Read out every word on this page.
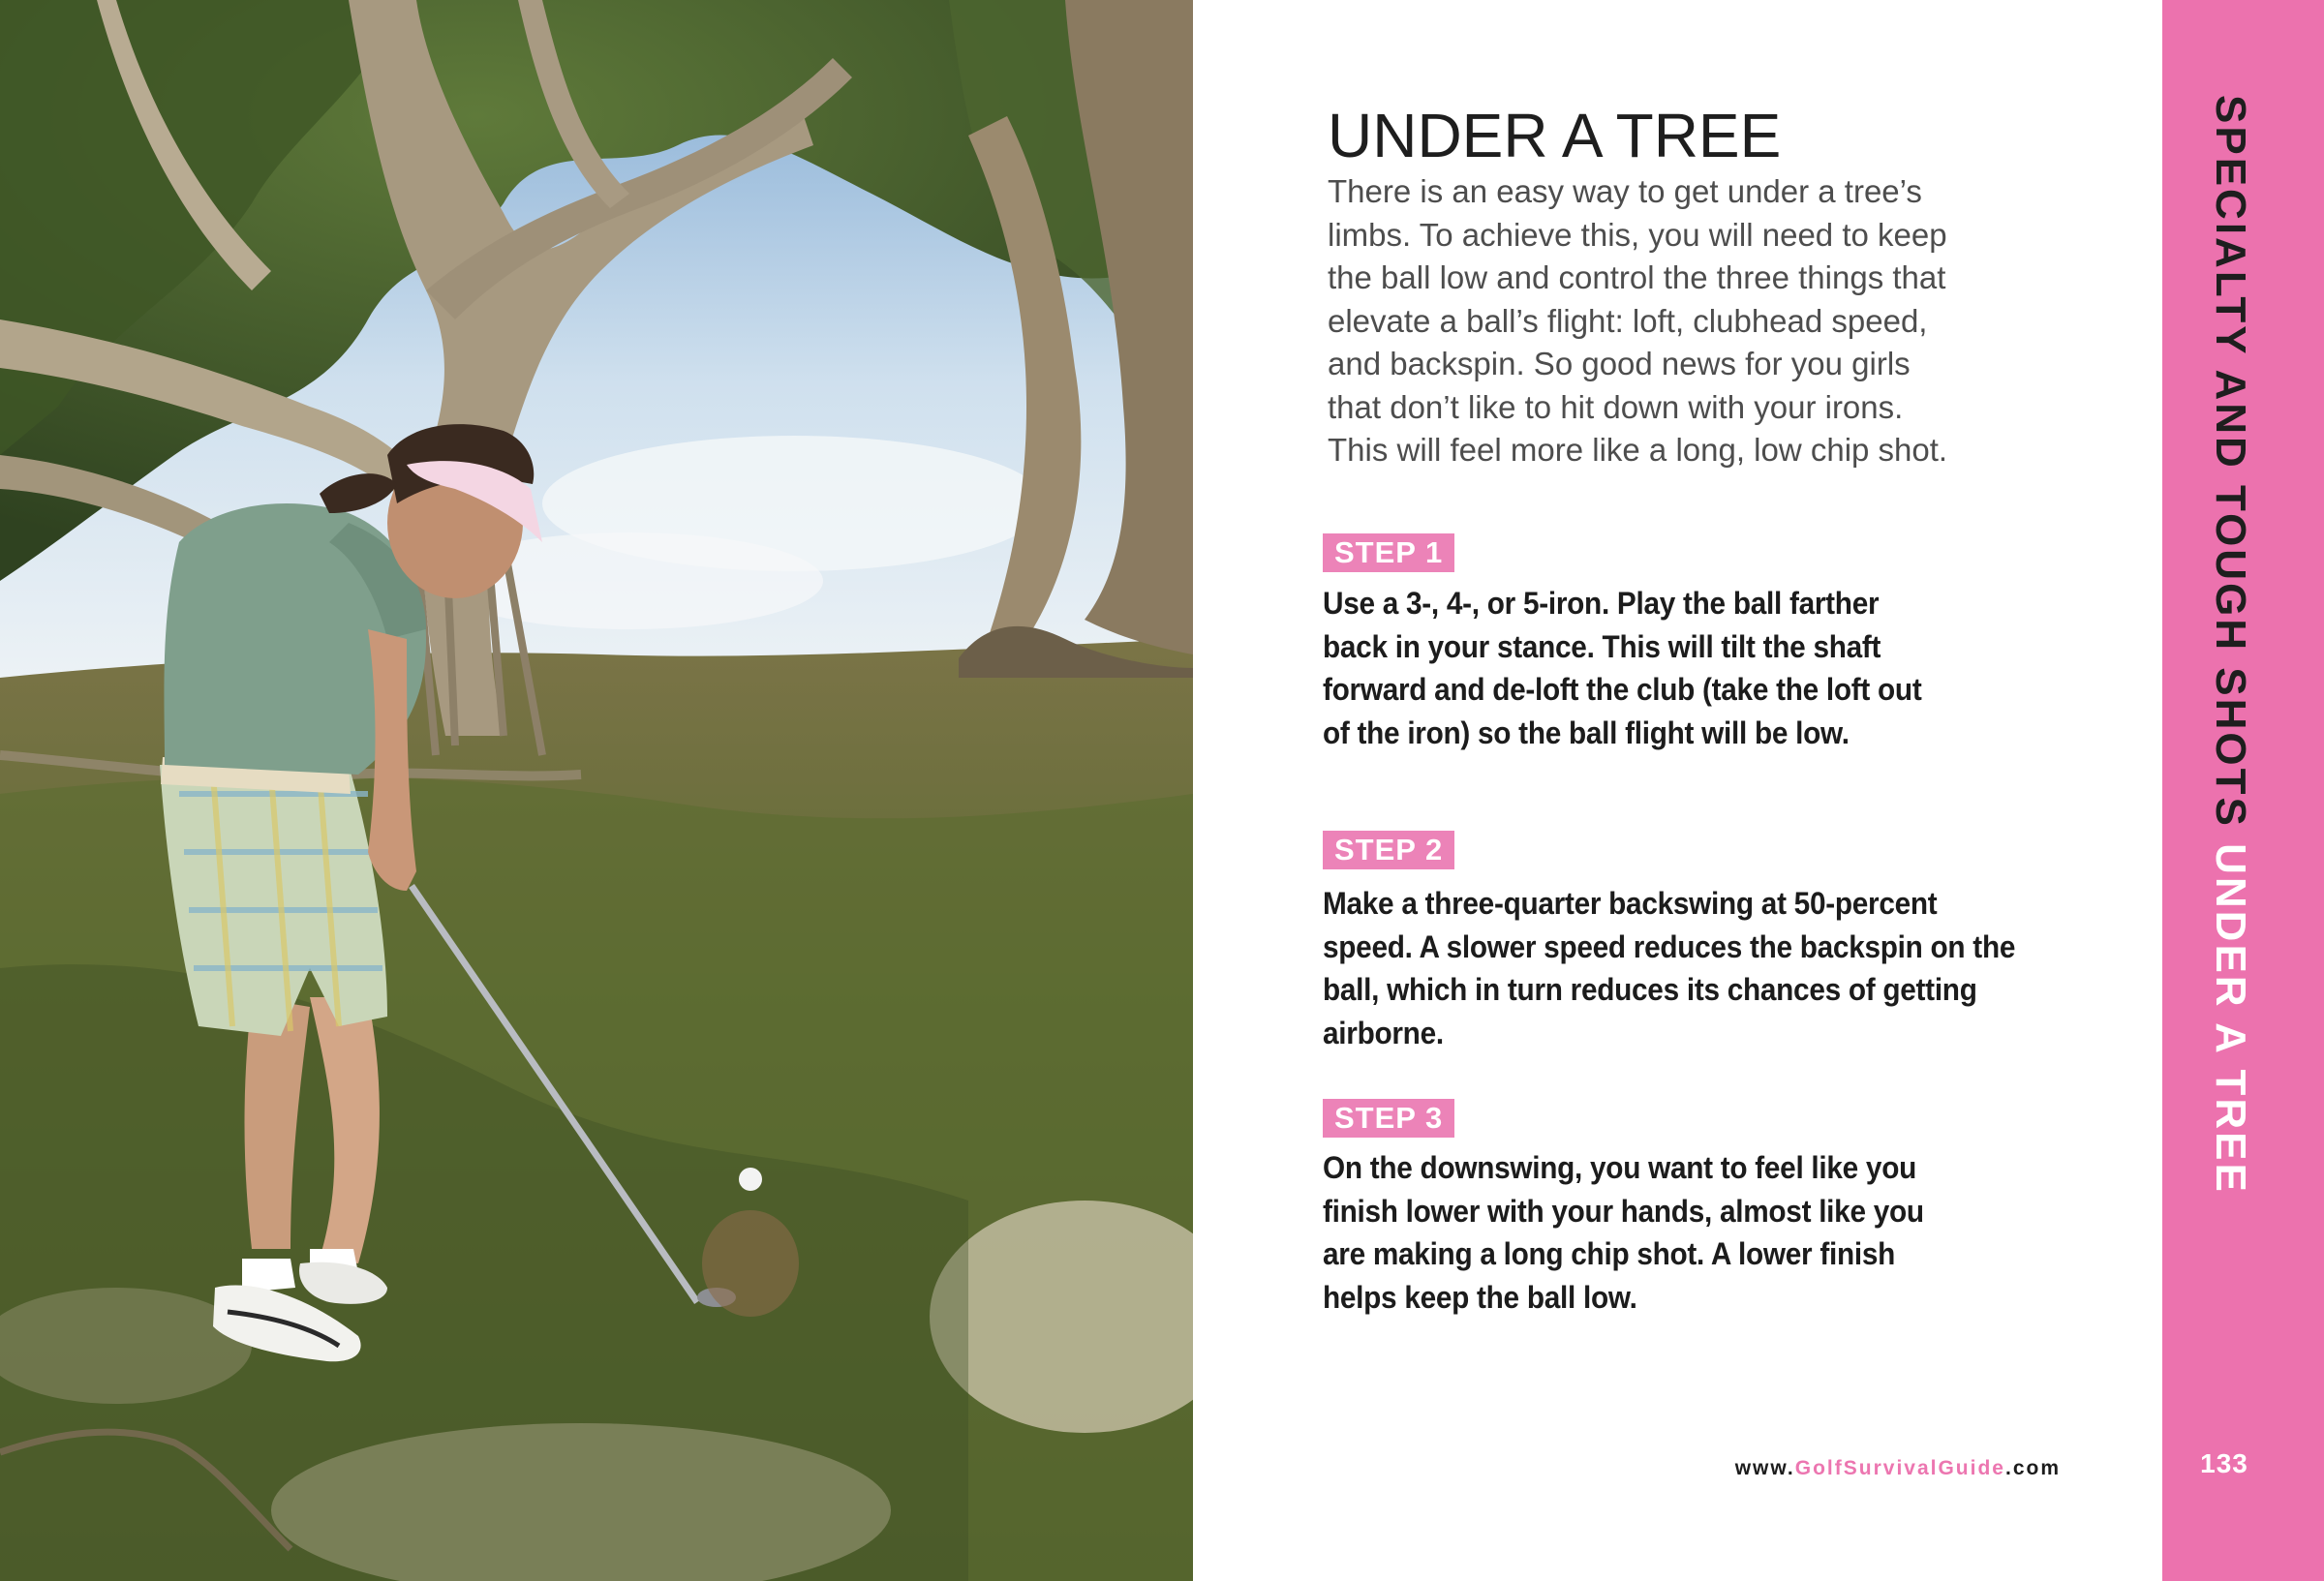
UNDER A TREE

There is an easy way to get under a tree’s
limbs. To achieve this, you will need to keep
the ball low and control the three things that
elevate a ball’s flight: loft, clubhead speed,
and backspin. So good news for you girls
that don’t like to hit down with your irons.
This will feel more like a long, low chip shot.

STEP 1

Use a 3-, 4-, or 5-iron. Play the ball farther
back in your stance. This will tilt the shaft
forward and de-loft the club (take the loft out
of the iron) so the ball flight will be low.

STEP 2

Make a three-quarter backswing at 50-percent
speed. A slower speed reduces the backspin on the
ball, which in turn reduces its chances of getting
airborne.

STEP 3

On the downswing, you want to feel like you
finish lower with your hands, almost like you
are making a long chip shot. A lower finish
helps keep the ball low.

www.GolfSurvivalGuide.com
SPECIALTY AND TOUGH SHOTS UNDER A TREE
133
